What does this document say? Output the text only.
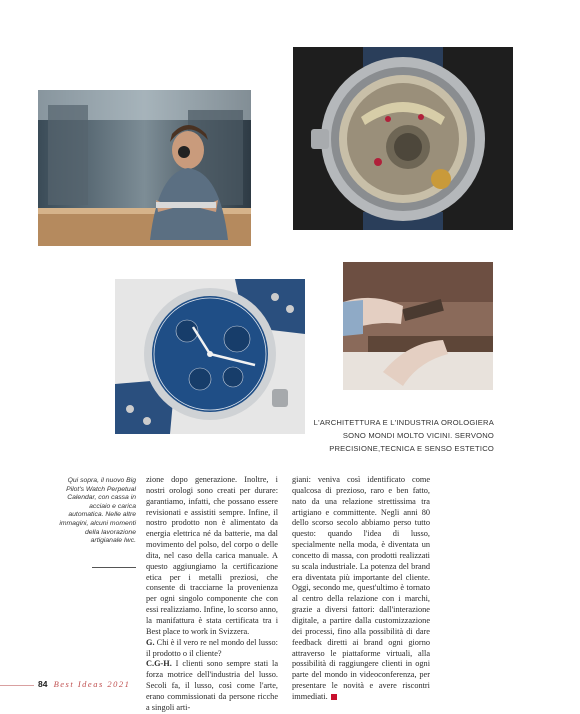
L'ARCHITETTURA E L'INDUSTRIA OROLOGIERA
SONO MONDI MOLTO VICINI. SERVONO
PRECISIONE,TECNICA E SENSO ESTETICO
Qui sopra, il nuovo Big Pilot's Watch Perpetual Calendar, con cassa in acciaio e carica automatica. Nelle altre immagini, alcuni momenti della lavorazione artigianale Iwc.
zione dopo generazione. Inoltre, i nostri orologi sono creati per durare: garantiamo, infatti, che possano essere revisionati e assistiti sempre. Infine, il nostro prodotto non è alimentato da energia elettrica né da batterie, ma dal movimento del polso, del corpo o delle dita, nel caso della carica manuale. A questo aggiungiamo la certificazione etica per i metalli preziosi, che consente di tracciarne la provenienza per ogni singolo componente che con essi realizziamo. Infine, lo scorso anno, la manifattura è stata certificata tra i Best place to work in Svizzera.
G. Chi è il vero re nel mondo del lusso: il prodotto o il cliente?
C.G-H. I clienti sono sempre stati la forza motrice dell'industria del lusso. Secoli fa, il lusso, così come l'arte, erano commissionati da persone ricche a singoli arti-
giani: veniva così identificato come qualcosa di prezioso, raro e ben fatto, nato da una relazione strettissima tra artigiano e committente. Negli anni 80 dello scorso secolo abbiamo perso tutto questo: quando l'idea di lusso, specialmente nella moda, è diventata un concetto di massa, con prodotti realizzati su scala industriale. La potenza del brand era diventata più importante del cliente. Oggi, secondo me, quest'ultimo è tornato al centro della relazione con i marchi, grazie a diversi fattori: dall'interazione digitale, a partire dalla customizzazione dei processi, fino alla possibilità di dare feedback diretti ai brand ogni giorno attraverso le piattaforme virtuali, alla possibilità di raggiungere clienti in ogni parte del mondo in videoconferenza, per presentare le novità e avere riscontri immediati.
84 Best Ideas 2021
